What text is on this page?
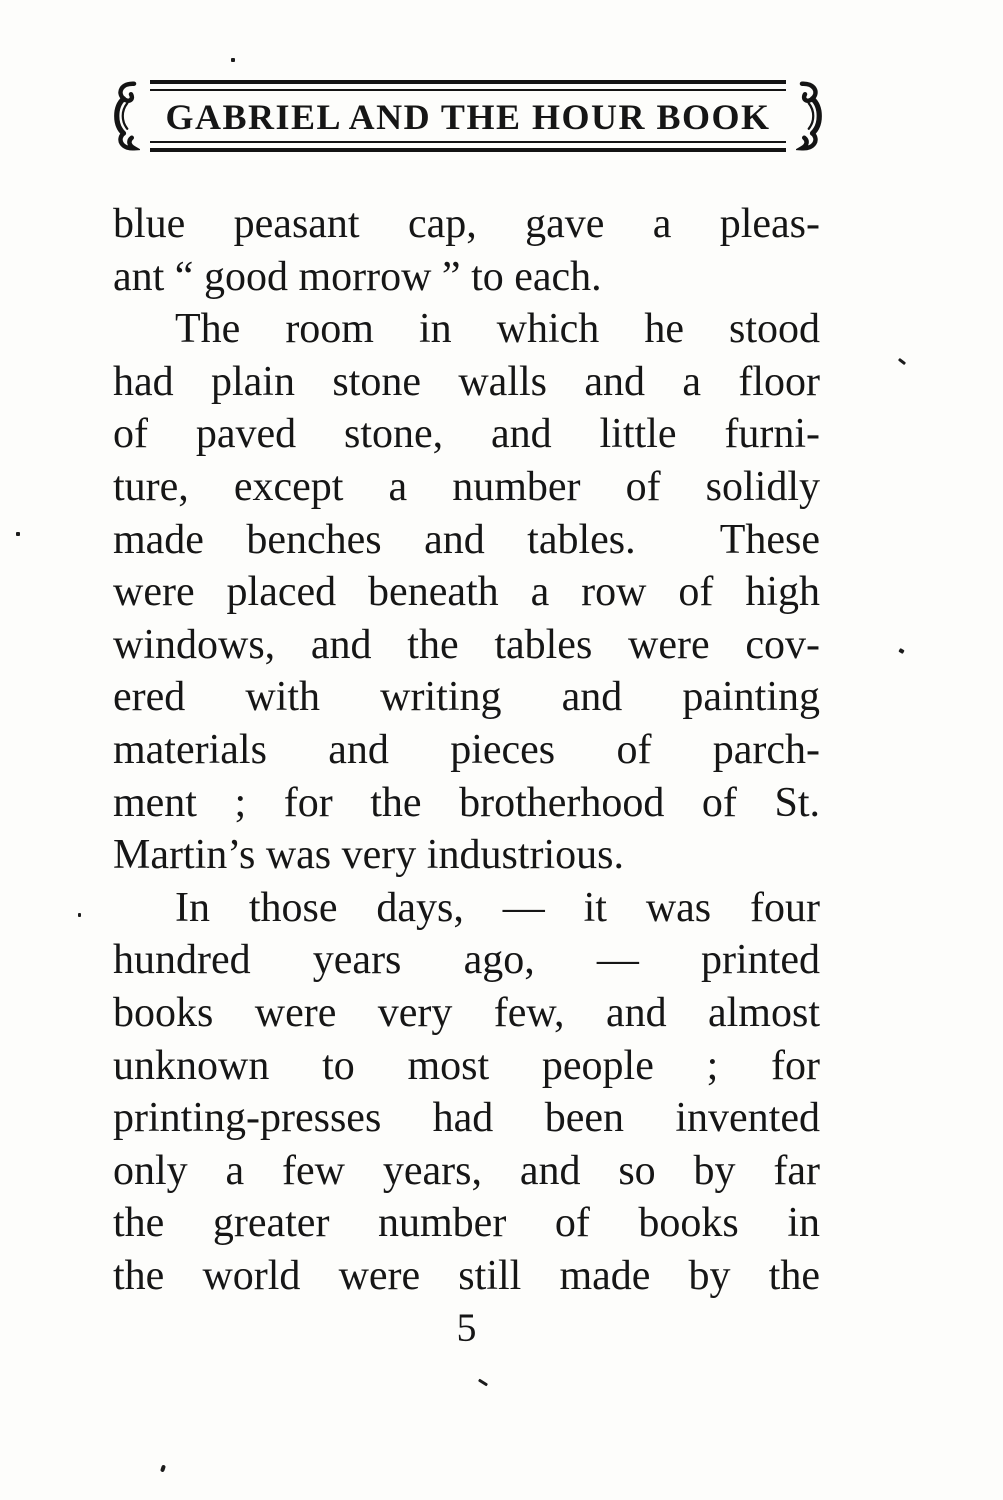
GABRIEL AND THE HOUR BOOK
blue peasant cap, gave a pleas-
ant “ good morrow ” to each.
The room in which he stood
had plain stone walls and a floor
of paved stone, and little furni-
ture, except a number of solidly
made benches and tables.  These
were placed beneath a row of high
windows, and the tables were cov-
ered with writing and painting
materials and pieces of parch-
ment ; for the brotherhood of St.
Martin’s was very industrious.
In those days, — it was four
hundred years ago, — printed
books were very few, and almost
unknown to most people ; for
printing-presses had been invented
only a few years, and so by far
the greater number of books in
the world were still made by the
5
